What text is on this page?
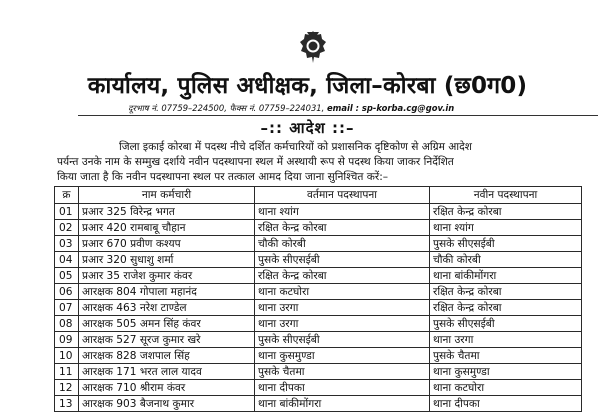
कार्यालय, पुलिस अधीक्षक, जिला–कोरबा (छ0ग0)
दूरभाष नं. 07759–224500, फैक्स नं. 07759–224031, email : sp-korba.cg@gov.in
–:: आदेश ::–
जिला इकाई कोरबा में पदस्थ नीचे दर्शित कर्मचारियों को प्रशासनिक दृष्टिकोण से अग्रिम आदेश
पर्यन्त उनके नाम के सम्मुख दर्शाये नवीन पदस्थापना स्थल में अस्थायी रूप से पदस्थ किया जाकर निर्देशित
किया जाता है कि नवीन पदस्थापना स्थल पर तत्काल आमद दिया जाना सुनिश्चित करें:–
क्र	नाम कर्मचारी	वर्तमान पदस्थापना	नवीन पदस्थापना
01	प्रआर 325 विरेन्द्र भगत	थाना श्यांग	रक्षित केन्द्र कोरबा
02	प्रआर 420 रामबाबू चौहान	रक्षित केन्द्र कोरबा	थाना श्यांग
03	प्रआर 670 प्रवीण कश्यप	चौकी कोरबी	पुसके सीएसईबी
04	प्रआर 320 सुधाशु शर्मा	पुसके सीएसईबी	चौकी कोरबी
05	प्रआर 35 राजेश कुमार कंवर	रक्षित केन्द्र कोरबा	थाना बांकीमोंगरा
06	आरक्षक 804 गोपाला महानंद	थाना कटघोरा	रक्षित केन्द्र कोरबा
07	आरक्षक 463 नरेश टाण्डेल	थाना उरगा	रक्षित केन्द्र कोरबा
08	आरक्षक 505 अमन सिंह कंवर	थाना उरगा	पुसके सीएसईबी
09	आरक्षक 527 सूरज कुमार खरे	पुसके सीएसईबी	थाना उरगा
10	आरक्षक 828 जशपाल सिंह	थाना कुसमुण्डा	पुसके चैतमा
11	आरक्षक 171 भरत लाल यादव	पुसके चैतमा	थाना कुसमुण्डा
12	आरक्षक 710 श्रीराम कंवर	थाना दीपका	थाना कटघोरा
13	आरक्षक 903 बैजनाथ कुमार	थाना बांकीमोंगरा	थाना दीपका
